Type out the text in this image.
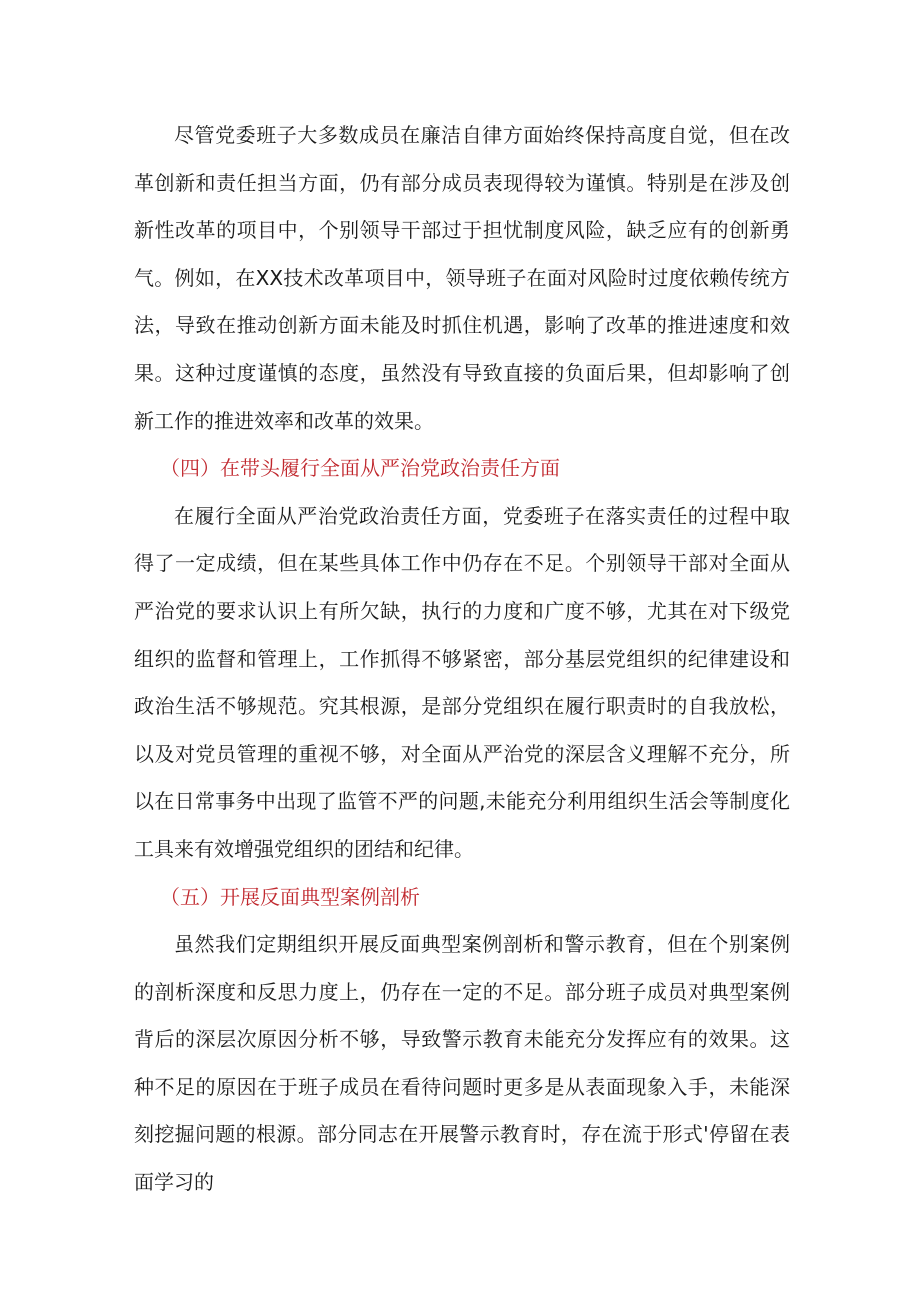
尽管党委班子大多数成员在廉洁自律方面始终保持高度自觉，但在改革创新和责任担当方面，仍有部分成员表现得较为谨慎。特别是在涉及创新性改革的项目中，个别领导干部过于担忧制度风险，缺乏应有的创新勇气。例如，在XX技术改革项目中，领导班子在面对风险时过度依赖传统方法，导致在推动创新方面未能及时抓住机遇，影响了改革的推进速度和效果。这种过度谨慎的态度，虽然没有导致直接的负面后果，但却影响了创新工作的推进效率和改革的效果。

（四）在带头履行全面从严治党政治责任方面

在履行全面从严治党政治责任方面，党委班子在落实责任的过程中取得了一定成绩，但在某些具体工作中仍存在不足。个别领导干部对全面从严治党的要求认识上有所欠缺，执行的力度和广度不够，尤其在对下级党组织的监督和管理上，工作抓得不够紧密，部分基层党组织的纪律建设和政治生活不够规范。究其根源，是部分党组织在履行职责时的自我放松，以及对党员管理的重视不够，对全面从严治党的深层含义理解不充分，所以在日常事务中出现了监管不严的问题,未能充分利用组织生活会等制度化工具来有效增强党组织的团结和纪律。

（五）开展反面典型案例剖析

虽然我们定期组织开展反面典型案例剖析和警示教育，但在个别案例的剖析深度和反思力度上，仍存在一定的不足。部分班子成员对典型案例背后的深层次原因分析不够，导致警示教育未能充分发挥应有的效果。这种不足的原因在于班子成员在看待问题时更多是从表面现象入手，未能深刻挖掘问题的根源。部分同志在开展警示教育时，存在流于形式'停留在表面学习的
